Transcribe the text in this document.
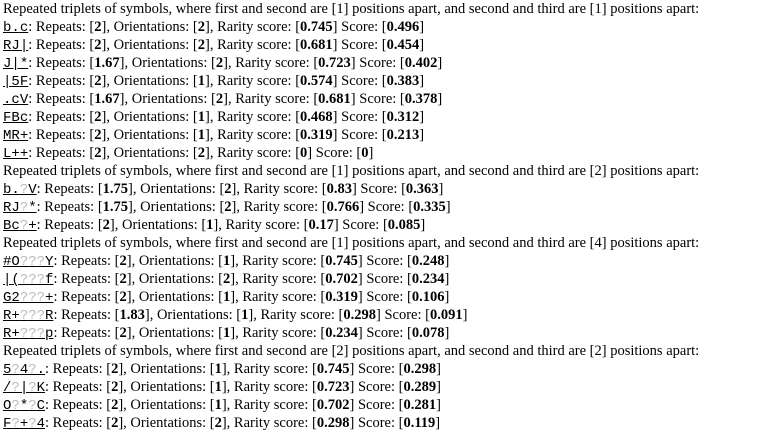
Repeated triplets of symbols, where first and second are [1] positions apart, and second and third are [1] positions apart:
b.c: Repeats: [2], Orientations: [2], Rarity score: [0.745] Score: [0.496]
RJ|: Repeats: [2], Orientations: [2], Rarity score: [0.681] Score: [0.454]
J|*: Repeats: [1.67], Orientations: [2], Rarity score: [0.723] Score: [0.402]
|5F: Repeats: [2], Orientations: [1], Rarity score: [0.574] Score: [0.383]
.cV: Repeats: [1.67], Orientations: [2], Rarity score: [0.681] Score: [0.378]
FBc: Repeats: [2], Orientations: [1], Rarity score: [0.468] Score: [0.312]
MR+: Repeats: [2], Orientations: [1], Rarity score: [0.319] Score: [0.213]
L++: Repeats: [2], Orientations: [2], Rarity score: [0] Score: [0]
Repeated triplets of symbols, where first and second are [1] positions apart, and second and third are [2] positions apart:
b.?V: Repeats: [1.75], Orientations: [2], Rarity score: [0.83] Score: [0.363]
RJ?*: Repeats: [1.75], Orientations: [2], Rarity score: [0.766] Score: [0.335]
Bc?+: Repeats: [2], Orientations: [1], Rarity score: [0.17] Score: [0.085]
Repeated triplets of symbols, where first and second are [1] positions apart, and second and third are [4] positions apart:
#O???Y: Repeats: [2], Orientations: [1], Rarity score: [0.745] Score: [0.248]
|(???f: Repeats: [2], Orientations: [2], Rarity score: [0.702] Score: [0.234]
G2???+: Repeats: [2], Orientations: [1], Rarity score: [0.319] Score: [0.106]
R+???R: Repeats: [1.83], Orientations: [1], Rarity score: [0.298] Score: [0.091]
R+???p: Repeats: [2], Orientations: [1], Rarity score: [0.234] Score: [0.078]
Repeated triplets of symbols, where first and second are [2] positions apart, and second and third are [2] positions apart:
5?4?.: Repeats: [2], Orientations: [1], Rarity score: [0.745] Score: [0.298]
/?|?K: Repeats: [2], Orientations: [1], Rarity score: [0.723] Score: [0.289]
O?*?C: Repeats: [2], Orientations: [1], Rarity score: [0.702] Score: [0.281]
F?+?4: Repeats: [2], Orientations: [2], Rarity score: [0.298] Score: [0.119]
